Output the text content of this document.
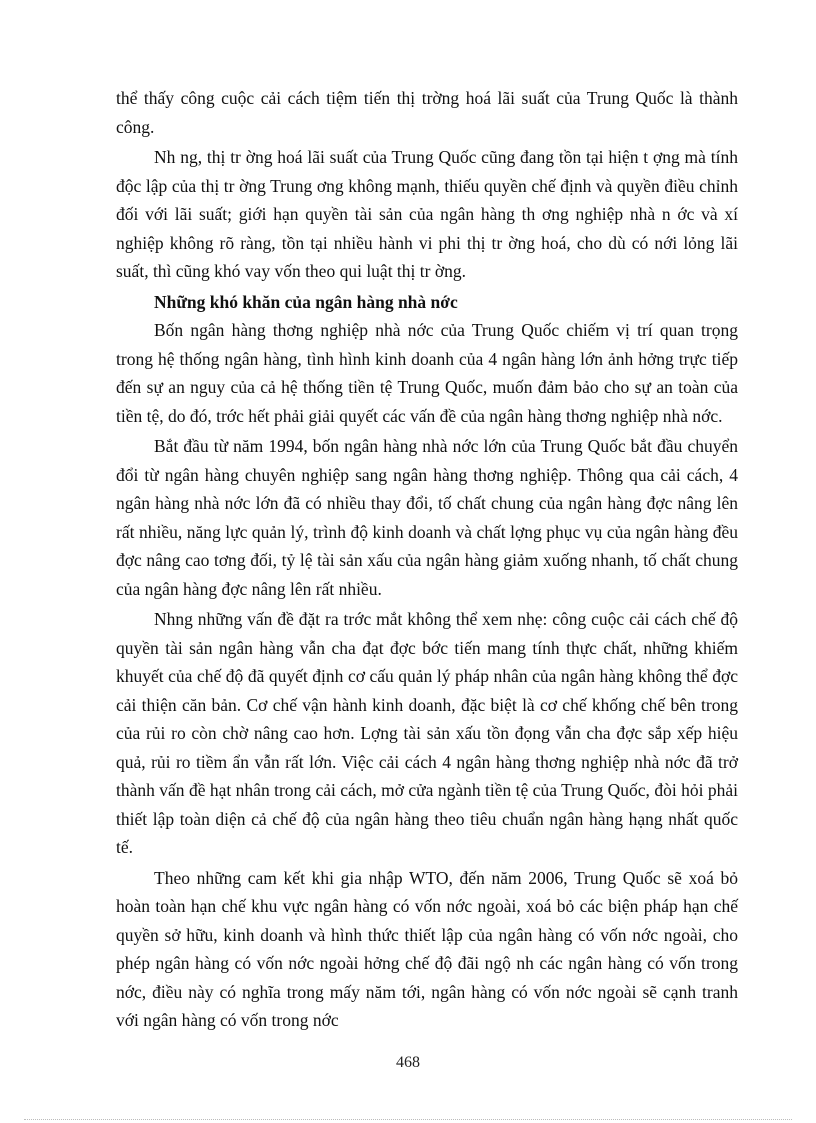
thể thấy công cuộc cải cách tiệm tiến thị trờng hoá lãi suất của Trung Quốc là thành công.

Nh ng, thị tr ờng hoá lãi suất của Trung Quốc cũng đang tồn tại hiện t ợng mà tính độc lập của thị tr ờng Trung ơng không mạnh, thiếu quyền chế định và quyền điều chỉnh đối với lãi suất; giới hạn quyền tài sản của ngân hàng th ơng nghiệp nhà n ớc và xí nghiệp không rõ ràng, tồn tại nhiều hành vi phi thị tr ờng hoá, cho dù có nới lỏng lãi suất, thì cũng khó vay vốn theo qui luật thị tr ờng.

Những khó khăn của ngân hàng nhà nớc

Bốn ngân hàng thơng nghiệp nhà nớc của Trung Quốc chiếm vị trí quan trọng trong hệ thống ngân hàng, tình hình kinh doanh của 4 ngân hàng lớn ảnh hởng trực tiếp đến sự an nguy của cả hệ thống tiền tệ Trung Quốc, muốn đảm bảo cho sự an toàn của tiền tệ, do đó, trớc hết phải giải quyết các vấn đề của ngân hàng thơng nghiệp nhà nớc.

Bắt đầu từ năm 1994, bốn ngân hàng nhà nớc lớn của Trung Quốc bắt đầu chuyển đổi từ ngân hàng chuyên nghiệp sang ngân hàng thơng nghiệp. Thông qua cải cách, 4 ngân hàng nhà nớc lớn đã có nhiều thay đổi, tố chất chung của ngân hàng đợc nâng lên rất nhiều, năng lực quản lý, trình độ kinh doanh và chất lợng phục vụ của ngân hàng đều đợc nâng cao tơng đối, tỷ lệ tài sản xấu của ngân hàng giảm xuống nhanh, tố chất chung của ngân hàng đợc nâng lên rất nhiều.

Nhng những vấn đề đặt ra trớc mắt không thể xem nhẹ: công cuộc cải cách chế độ quyền tài sản ngân hàng vẫn cha đạt đợc bớc tiến mang tính thực chất, những khiếm khuyết của chế độ đã quyết định cơ cấu quản lý pháp nhân của ngân hàng không thể đợc cải thiện căn bản. Cơ chế vận hành kinh doanh, đặc biệt là cơ chế khống chế bên trong của rủi ro còn chờ nâng cao hơn. Lợng tài sản xấu tồn đọng vẫn cha đợc sắp xếp hiệu quả, rủi ro tiềm ẩn vẫn rất lớn. Việc cải cách 4 ngân hàng thơng nghiệp nhà nớc đã trở thành vấn đề hạt nhân trong cải cách, mở cửa ngành tiền tệ của Trung Quốc, đòi hỏi phải thiết lập toàn diện cả chế độ của ngân hàng theo tiêu chuẩn ngân hàng hạng nhất quốc tế.

Theo những cam kết khi gia nhập WTO, đến năm 2006, Trung Quốc sẽ xoá bỏ hoàn toàn hạn chế khu vực ngân hàng có vốn nớc ngoài, xoá bỏ các biện pháp hạn chế quyền sở hữu, kinh doanh và hình thức thiết lập của ngân hàng có vốn nớc ngoài, cho phép ngân hàng có vốn nớc ngoài hởng chế độ đãi ngộ nh các ngân hàng có vốn trong nớc, điều này có nghĩa trong mấy năm tới, ngân hàng có vốn nớc ngoài sẽ cạnh tranh với ngân hàng có vốn trong nớc

468
